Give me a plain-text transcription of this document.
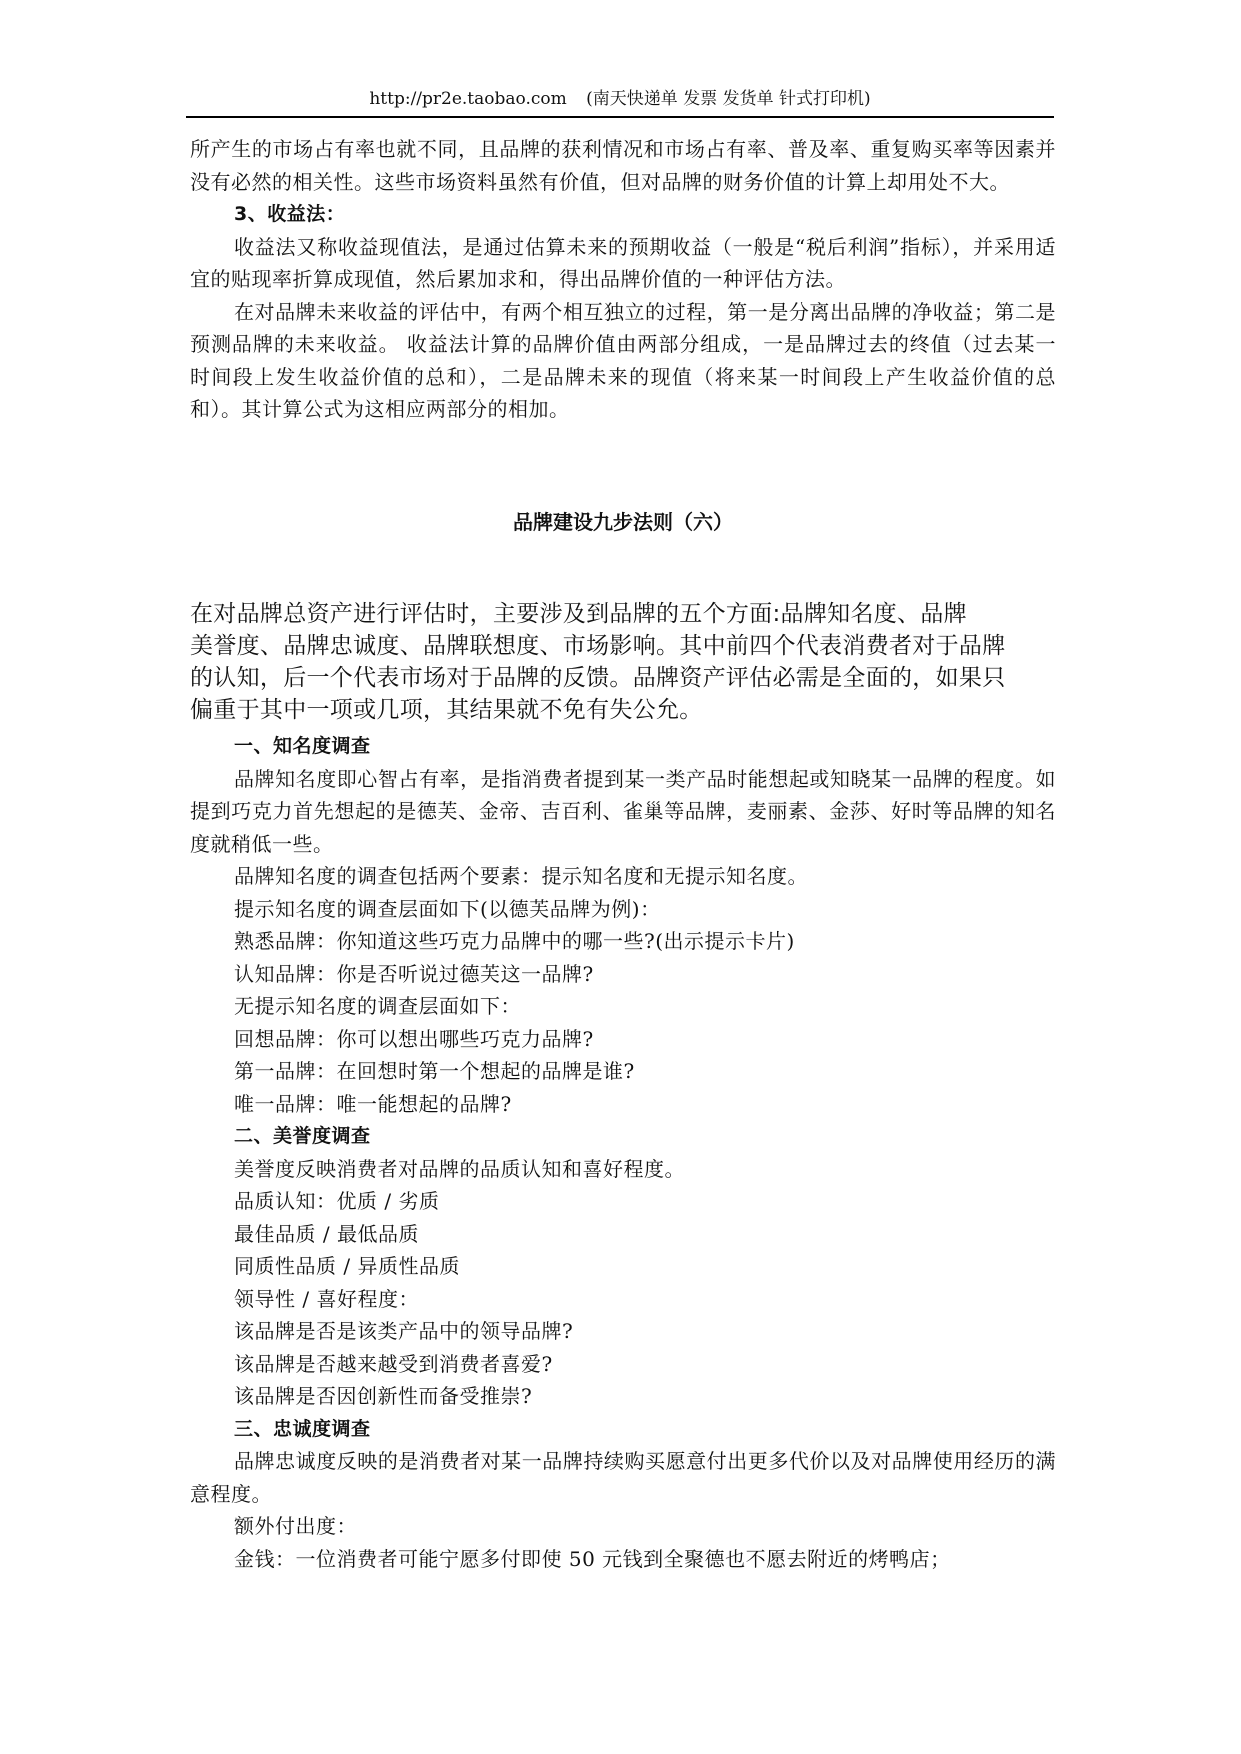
http://pr2e.taobao.com (南天快递单 发票 发货单 针式打印机)

所产生的市场占有率也就不同，且品牌的获利情况和市场占有率、普及率、重复购买率等因素并没有必然的相关性。这些市场资料虽然有价值，但对品牌的财务价值的计算上却用处不大。

3、收益法：

收益法又称收益现值法，是通过估算未来的预期收益（一般是“税后利润”指标），并采用适宜的贴现率折算成现值，然后累加求和，得出品牌价值的一种评估方法。

在对品牌未来收益的评估中，有两个相互独立的过程，第一是分离出品牌的净收益；第二是预测品牌的未来收益。 收益法计算的品牌价值由两部分组成，一是品牌过去的终值（过去某一时间段上发生收益价值的总和），二是品牌未来的现值（将来某一时间段上产生收益价值的总和）。其计算公式为这相应两部分的相加。

品牌建设九步法则（六）

在对品牌总资产进行评估时，主要涉及到品牌的五个方面:品牌知名度、品牌

美誉度、品牌忠诚度、品牌联想度、市场影响。其中前四个代表消费者对于品牌

的认知，后一个代表市场对于品牌的反馈。品牌资产评估必需是全面的，如果只

偏重于其中一项或几项，其结果就不免有失公允。

一、知名度调查

品牌知名度即心智占有率，是指消费者提到某一类产品时能想起或知晓某一品牌的程度。如提到巧克力首先想起的是德芙、金帝、吉百利、雀巢等品牌，麦丽素、金莎、好时等品牌的知名度就稍低一些。

品牌知名度的调查包括两个要素：提示知名度和无提示知名度。

提示知名度的调查层面如下(以德芙品牌为例)：

熟悉品牌：你知道这些巧克力品牌中的哪一些?(出示提示卡片)

认知品牌：你是否听说过德芙这一品牌?

无提示知名度的调查层面如下：

回想品牌：你可以想出哪些巧克力品牌?

第一品牌：在回想时第一个想起的品牌是谁?

唯一品牌：唯一能想起的品牌?

二、美誉度调查

美誉度反映消费者对品牌的品质认知和喜好程度。

品质认知：优质 / 劣质

最佳品质 / 最低品质

同质性品质 / 异质性品质

领导性 / 喜好程度：

该品牌是否是该类产品中的领导品牌?

该品牌是否越来越受到消费者喜爱?

该品牌是否因创新性而备受推崇?

三、忠诚度调查

品牌忠诚度反映的是消费者对某一品牌持续购买愿意付出更多代价以及对品牌使用经历的满意程度。

额外付出度：

金钱：一位消费者可能宁愿多付即使 50 元钱到全聚德也不愿去附近的烤鸭店；
